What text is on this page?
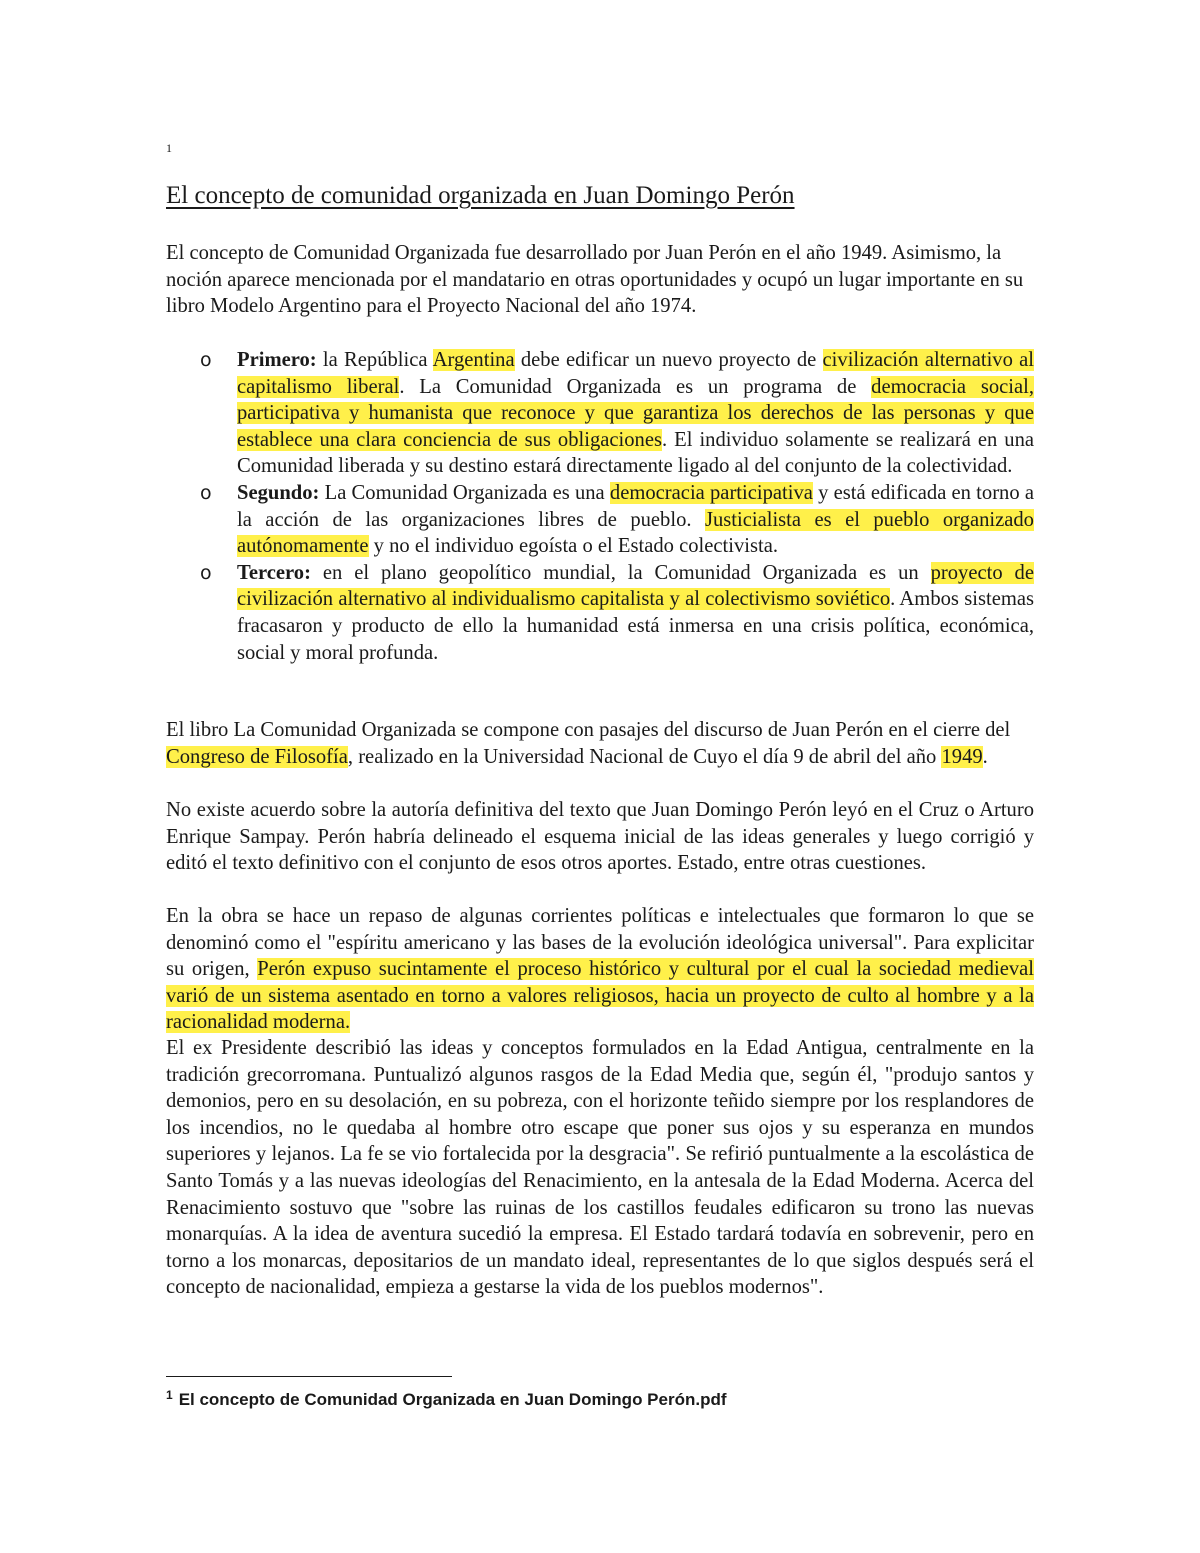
1
El concepto de comunidad organizada en Juan Domingo Perón

El concepto de Comunidad Organizada fue desarrollado por Juan Perón en el año 1949. Asimismo, la noción aparece mencionada por el mandatario en otras oportunidades y ocupó un lugar importante en su libro Modelo Argentino para el Proyecto Nacional del año 1974.

o Primero: la República Argentina debe edificar un nuevo proyecto de civilización alternativo al capitalismo liberal. La Comunidad Organizada es un programa de democracia social, participativa y humanista que reconoce y que garantiza los derechos de las personas y que establece una clara conciencia de sus obligaciones. El individuo solamente se realizará en una Comunidad liberada y su destino estará directamente ligado al del conjunto de la colectividad.
o Segundo: La Comunidad Organizada es una democracia participativa y está edificada en torno a la acción de las organizaciones libres de pueblo. Justicialista es el pueblo organizado autónomamente y no el individuo egoísta o el Estado colectivista.
o Tercero: en el plano geopolítico mundial, la Comunidad Organizada es un proyecto de civilización alternativo al individualismo capitalista y al colectivismo soviético. Ambos sistemas fracasaron y producto de ello la humanidad está inmersa en una crisis política, económica, social y moral profunda.

El libro La Comunidad Organizada se compone con pasajes del discurso de Juan Perón en el cierre del Congreso de Filosofía, realizado en la Universidad Nacional de Cuyo el día 9 de abril del año 1949.

No existe acuerdo sobre la autoría definitiva del texto que Juan Domingo Perón leyó en el Cruz o Arturo Enrique Sampay. Perón habría delineado el esquema inicial de las ideas generales y luego corrigió y editó el texto definitivo con el conjunto de esos otros aportes. Estado, entre otras cuestiones.

En la obra se hace un repaso de algunas corrientes políticas e intelectuales que formaron lo que se denominó como el "espíritu americano y las bases de la evolución ideológica universal". Para explicitar su origen, Perón expuso sucintamente el proceso histórico y cultural por el cual la sociedad medieval varió de un sistema asentado en torno a valores religiosos, hacia un proyecto de culto al hombre y a la racionalidad moderna.

El ex Presidente describió las ideas y conceptos formulados en la Edad Antigua, centralmente en la tradición grecorromana. Puntualizó algunos rasgos de la Edad Media que, según él, "produjo santos y demonios, pero en su desolación, en su pobreza, con el horizonte teñido siempre por los resplandores de los incendios, no le quedaba al hombre otro escape que poner sus ojos y su esperanza en mundos superiores y lejanos. La fe se vio fortalecida por la desgracia". Se refirió puntualmente a la escolástica de Santo Tomás y a las nuevas ideologías del Renacimiento, en la antesala de la Edad Moderna. Acerca del Renacimiento sostuvo que "sobre las ruinas de los castillos feudales edificaron su trono las nuevas monarquías. A la idea de aventura sucedió la empresa. El Estado tardará todavía en sobrevenir, pero en torno a los monarcas, depositarios de un mandato ideal, representantes de lo que siglos después será el concepto de nacionalidad, empieza a gestarse la vida de los pueblos modernos".

$^1$ El concepto de Comunidad Organizada en Juan Domingo Perón.pdf
